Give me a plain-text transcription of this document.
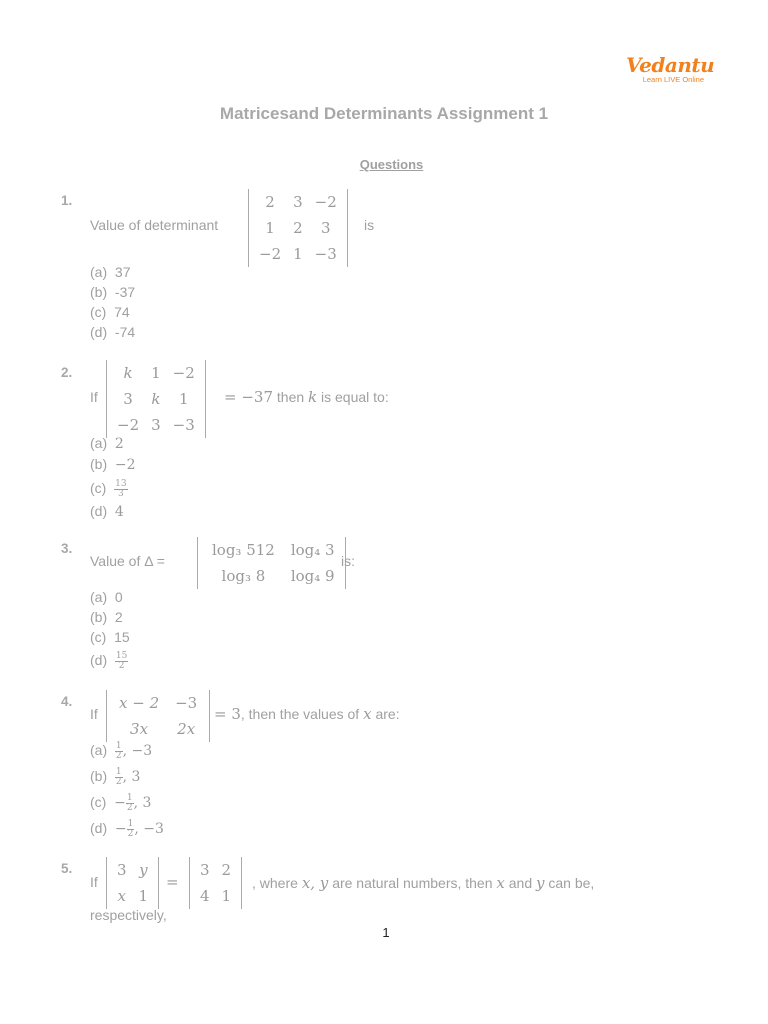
Vedantu
Learn LIVE Online
Matricesand Determinants Assignment 1
Questions
1.
Value of determinant
2	3	−2
1	2	3
−2	1	−3
is
(a) 37
(b) -37
(c) 74
(d) -74
2.
If
k	1	−2
3	k	1
−2	3	−3
= −37 then k is equal to:
(a) 2
(b) −2
$(c) \frac{13}{3}$
(d) 4
3.
Value of Δ =
log₃ 512	log₄ 3
log₃ 8	log₄ 9
is:
(a) 0
(b) 2
(c) 15
$(d) \frac{15}{2}$
4.
If
x − 2	−3
3x	2x
= 3, then the values of x are:
$(a) \frac{1}{2}$ , −3
$(b) \frac{1}{2}$ , 3
$(c) - \frac{1}{2}$ , 3
$(d) - \frac{1}{2}$ , −3
5.
If
3	y
x	1
=
3	2
4	1
, where x, y are natural numbers, then x and y can be,
respectively,
1
